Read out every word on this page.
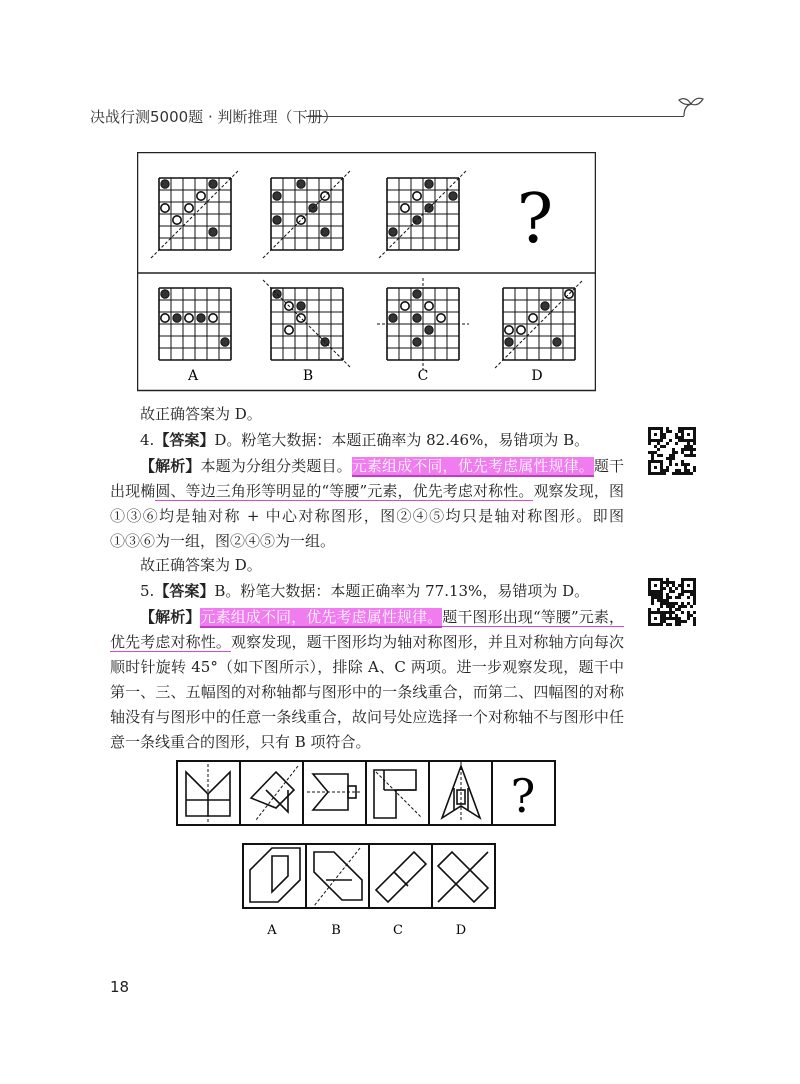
决战行测5000题 · 判断推理（下册）
?
A	B	C	D
故正确答案为 D。
4.【答案】D。粉笔大数据：本题正确率为 82.46%，易错项为 B。
【解析】本题为分组分类题目。元素组成不同，优先考虑属性规律。题干出现椭圆、等边三角形等明显的“等腰”元素，优先考虑对称性。观察发现，图①③⑥均是轴对称 + 中心对称图形，图②④⑤均只是轴对称图形。即图①③⑥为一组，图②④⑤为一组。
故正确答案为 D。
5.【答案】B。粉笔大数据：本题正确率为 77.13%，易错项为 D。
【解析】元素组成不同，优先考虑属性规律。题干图形出现“等腰”元素，优先考虑对称性。观察发现，题干图形均为轴对称图形，并且对称轴方向每次顺时针旋转 45°（如下图所示），排除 A、C 两项。进一步观察发现，题干中第一、三、五幅图的对称轴都与图形中的一条线重合，而第二、四幅图的对称轴没有与图形中的任意一条线重合，故问号处应选择一个对称轴不与图形中任意一条线重合的图形，只有 B 项符合。
?
A	B	C	D
18
